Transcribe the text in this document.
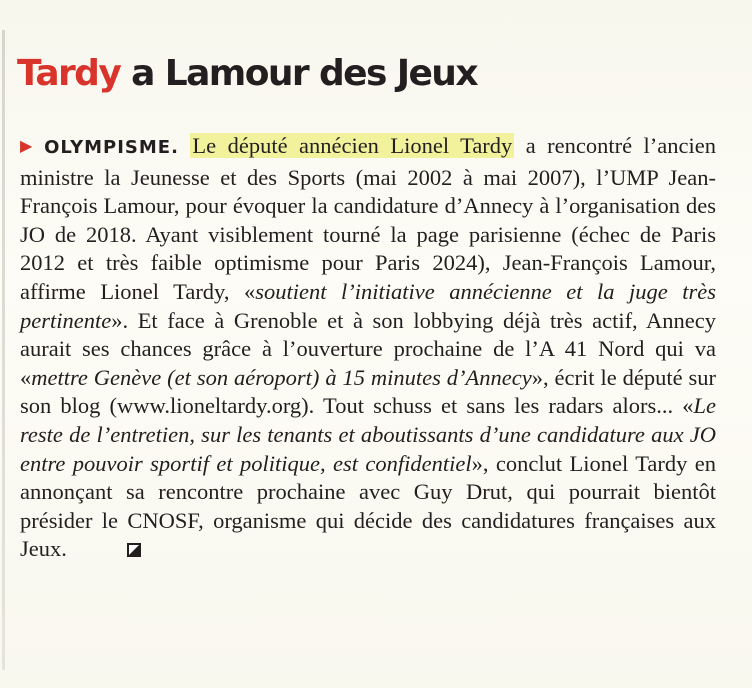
Tardy a Lamour des Jeux

▶ OLYMPISME. Le député annécien Lionel Tardy a rencontré l’ancien ministre la Jeunesse et des Sports (mai 2002 à mai 2007), l’UMP Jean-François Lamour, pour évoquer la candidature d’Annecy à l’organisation des JO de 2018. Ayant visiblement tourné la page parisienne (échec de Paris 2012 et très faible optimisme pour Paris 2024), Jean-François Lamour, affirme Lionel Tardy, «soutient l’initiative annécienne et la juge très pertinente». Et face à Grenoble et à son lobbying déjà très actif, Annecy aurait ses chances grâce à l’ouverture prochaine de l’A 41 Nord qui va «mettre Genève (et son aéroport) à 15 minutes d’Annecy», écrit le député sur son blog (www.lioneltardy.org). Tout schuss et sans les radars alors... «Le reste de l’entretien, sur les tenants et aboutissants d’une candidature aux JO entre pouvoir sportif et politique, est confidentiel», conclut Lionel Tardy en annonçant sa rencontre prochaine avec Guy Drut, qui pourrait bientôt présider le CNOSF, organisme qui décide des candidatures françaises aux Jeux.
